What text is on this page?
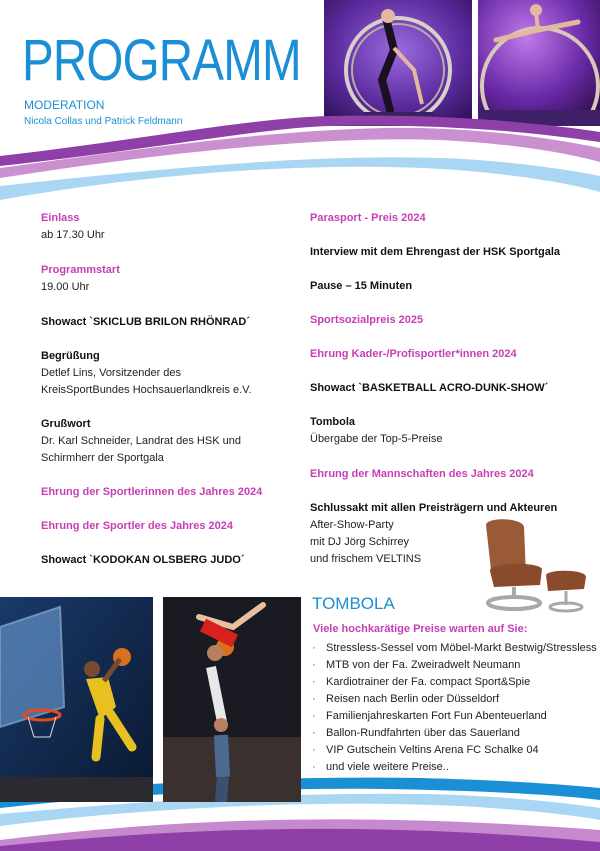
PROGRAMM
MODERATION
Nicola Collas und Patrick Feldmann
Einlass
ab 17.30 Uhr
Programmstart
19.00 Uhr
Showact `SKICLUB BRILON RHÖNRAD´
Begrüßung
Detlef Lins, Vorsitzender des
KreisSportBundes Hochsauerlandkreis e.V.
Grußwort
Dr. Karl Schneider, Landrat des HSK und
Schirmherr der Sportgala
Ehrung der Sportlerinnen des Jahres 2024
Ehrung der Sportler des Jahres 2024
Showact `KODOKAN OLSBERG JUDO´
Parasport - Preis 2024
Interview mit dem Ehrengast der HSK Sportgala
Pause – 15 Minuten
Sportsozialpreis 2025
Ehrung Kader-/Profisportler*innen 2024
Showact `BASKETBALL ACRO-DUNK-SHOW´
Tombola
Übergabe der Top-5-Preise
Ehrung der Mannschaften des Jahres 2024
Schlussakt mit allen Preisträgern und Akteuren
After-Show-Party
mit DJ Jörg Schirrey
und frischem VELTINS
TOMBOLA
Viele hochkarätige Preise warten auf Sie:
· Stressless-Sessel vom Möbel-Markt Bestwig/Stressless
· MTB von der Fa. Zweiradwelt Neumann
· Kardiotrainer der Fa. compact Sport&Spie
· Reisen nach Berlin oder Düsseldorf
· Familienjahreskarten Fort Fun Abenteuerland
· Ballon-Rundfahrten über das Sauerland
· VIP Gutschein Veltins Arena FC Schalke 04
· und viele weitere Preise..
